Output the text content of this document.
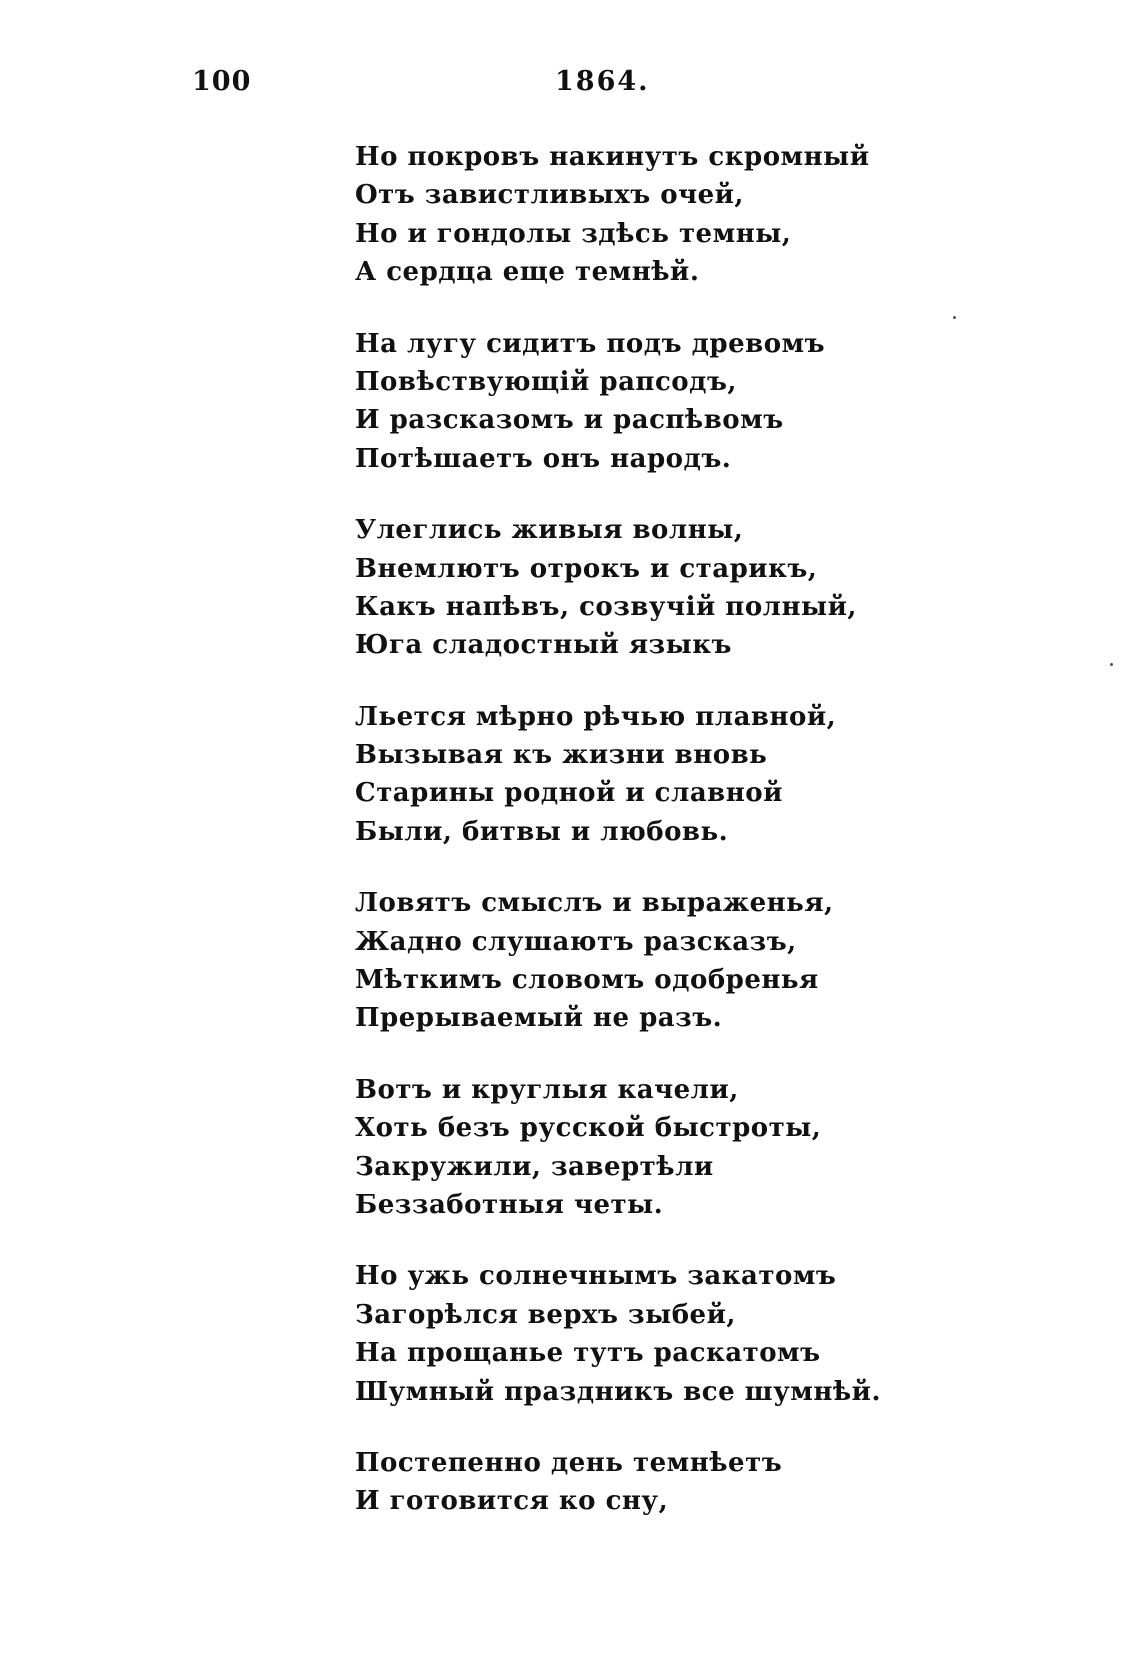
100	1864.
Но покровъ накинутъ скромный
Отъ завистливыхъ очей,
Но и гондолы здѣсь темны,
А сердца еще темнѣй.
На лугу сидитъ подъ древомъ
Повѣствующій рапсодъ,
И разсказомъ и распѣвомъ
Потѣшаетъ онъ народъ.
Улеглись живыя волны,
Внемлютъ отрокъ и старикъ,
Какъ напѣвъ, созвучій полный,
Юга сладостный языкъ
Льется мѣрно рѣчью плавной,
Вызывая къ жизни вновь
Старины родной и славной
Были, битвы и любовь.
Ловятъ смыслъ и выраженья,
Жадно слушаютъ разсказъ,
Мѣткимъ словомъ одобренья
Прерываемый не разъ.
Вотъ и круглыя качели,
Хоть безъ русской быстроты,
Закружили, завертѣли
Беззаботныя четы.
Но ужь солнечнымъ закатомъ
Загорѣлся верхъ зыбей,
На прощанье тутъ раскатомъ
Шумный праздникъ все шумнѣй.
Постепенно день темнѣетъ
И готовится ко сну,
